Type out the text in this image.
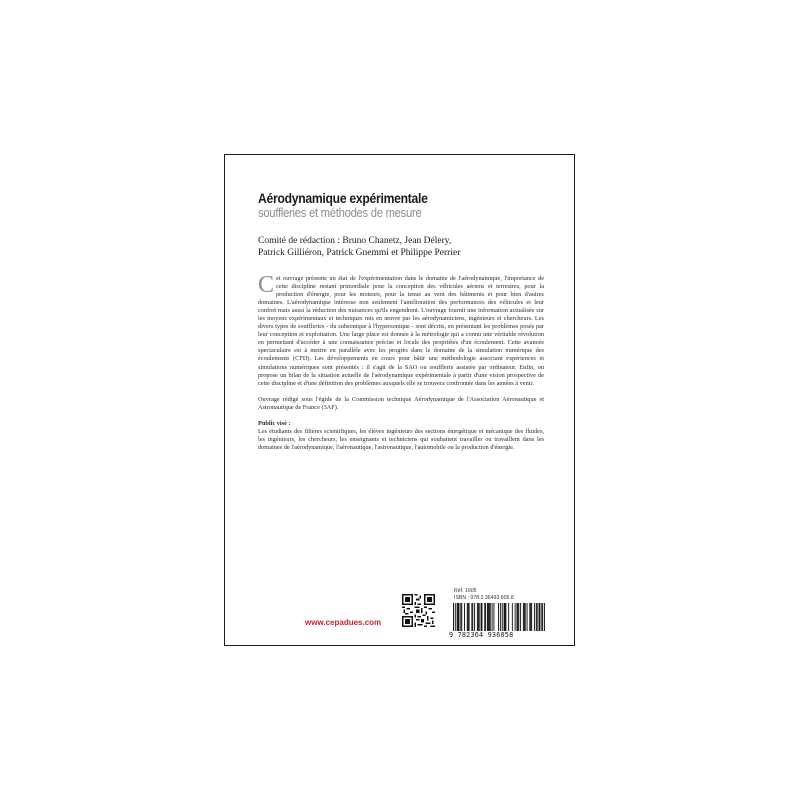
Aérodynamique expérimentale
souffleries et méthodes de mesure
Comité de rédaction : Bruno Chanetz, Jean Délery,
Patrick Gilliéron, Patrick Gnemmi et Philippe Perrier

Cet ouvrage présente un état de l'expérimentation dans le domaine de l'aérodynamique, l'importance de cette discipline restant primordiale pour la conception des véhicules aériens et terrestres, pour la production d'énergie, pour les moteurs, pour la tenue au vent des bâtiments et pour bien d'autres domaines. L'aérodynamique intéresse non seulement l'amélioration des performances des véhicules et leur confort mais aussi la réduction des nuisances qu'ils engendrent. L'ouvrage fournit une information actualisée sur les moyens expérimentaux et techniques mis en œuvre par les aérodynamiciens, ingénieurs et chercheurs. Les divers types de souffleries - du subsonique à l'hypersonique - sont décrits, en présentant les problèmes posés par leur conception et exploitation. Une large place est donnée à la métrologie qui a connu une véritable révolution en permettant d'accéder à une connaissance précise et locale des propriétés d'un écoulement. Cette avancée spectaculaire est à mettre en parallèle avec les progrès dans le domaine de la simulation numérique des écoulements (CFD). Les développements en cours pour bâtir une méthodologie associant expériences et simulations numériques sont présentés : il s'agit de la SAO ou soufflerie assistée par ordinateur. Enfin, on propose un bilan de la situation actuelle de l'aérodynamique expérimentale à partir d'une vision prospective de cette discipline et d'une définition des problèmes auxquels elle se trouvera confrontée dans les années à venir.

Ouvrage rédigé sous l'égide de la Commission technique Aérodynamique de l'Association Aéronautique et Astronautique de France (3AF).

Public visé :

Les étudiants des filières scientifiques, les élèves ingénieurs des sections énergétique et mécanique des fluides, les ingénieurs, les chercheurs, les enseignants et techniciens qui souhaitent travailler ou travaillent dans les domaines de l'aérodynamique, l'aéronautique, l'astronautique, l'automobile ou la production d'énergie.

www.cepadues.com
Réf. 1605
ISBN : 978.2.36493.605.8
9 782364 936058
